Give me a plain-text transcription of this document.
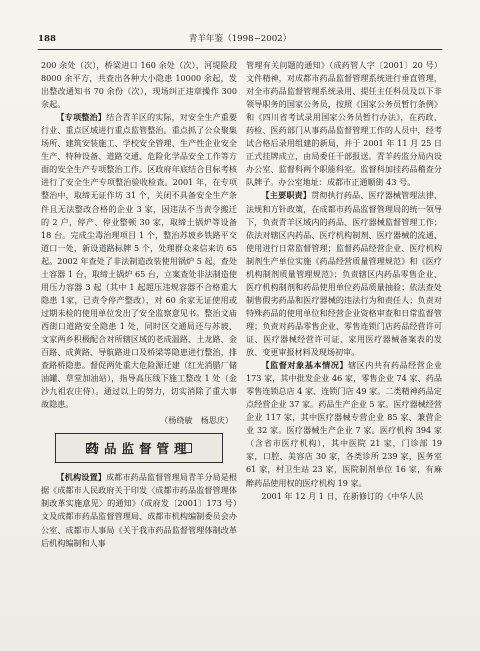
188	青羊年鉴（1998~2002）

200 余处（次），桥梁进口 160 余处（次），河堤险段 8000 余平方，共查出各种大小隐患 10000 余起，发出整改通知书 70 余份（次），现场纠正违章操作 300 余起。

【专项整治】结合青羊区的实际，对安全生产重要行业、重点区域进行重点监管整治。重点抓了公众聚集场所、建筑安装施工、学校安全管理、生产性企业安全生产、特种设备、道路交通、危险化学品安全工作等方面的安全生产专项整治工作。区政府年底结合目标考核进行了安全生产专项整治验收检查。2001 年，在专项整治中，取缔无证作坊 31 个，关闭不具备安全生产条件且无法整改合格的企业 3 家，因违法不当责令搬迁的 2 户，停产、停业整顿 30 家，取缔土锅炉等设备 18 台。完成尘毒治理项目 1 个，整治苏坡乡铁路平交道口一处，新设道路标牌 5 个，处理群众来信来访 65 起。2002 年查处了非法制造改装使用锅炉 5 起，查处土容器 1 台，取缔土锅炉 65 台，立案查处非法制造使用压力容器 3 起（其中 1 起超压违规容器不合格重大隐患 1家，已责令停产整改），对 60 余家无证使用或过期未检的使用单位发出了安全监察意见书。整治文庙西街口道路安全隐患 1 处，同时区交通局还与苏坡、文家两乡积极配合对所辖区域的老成温路、土龙路、金百路、成黄路、导航路进口及桥梁等隐患进行整治，排查路桥隐患。督促两处重大危险源迁建（红光消腊厂储油罐、草堂加油站），指导高压线下施工整改 1 处（金沙九祖农庄侍）。通过以上的努力，切实消除了重大事故隐患。

（杨绕敏　杨思庆）

药品监督管理

【机构设置】成都市药品监督管理局青羊分局是根据《成都市人民政府关于印发〈成都市药品监督管理体制改革实施意见〉的通知》（成府发〔2001〕173 号）文及成都市药品监督管理局、成都市机构编制委员会办公室、成都市人事局《关于我市药品监督管理体制改革后机构编制和人事

管理有关问题的通知》（成药管人字〔2001〕20 号）文件精神，对成都市药品监督管理系统进行垂直管理，对全市药品监督管理系统录用、提任主任科员及以下非领导职务的国家公务员，按照《国家公务员暂行条例》和《四川省考试录用国家公务员暂行办法》，在药政、药检、医药部门从事药品监督管理工作的人员中，经考试合格后录用组建的新局，并于 2001 年 11 月 25 日正式挂牌成立，由局委任干部报送。青羊药监分局内设办公室、监督科两个职能科室。监督科加挂药品稽查分队牌子。办公室地址：成都市正通顺街 43 号。

【主要职责】贯彻执行药品、医疗器械管理法律、法规和方针政策，在成都市药品监督管理局的统一领导下，负责青羊区域内的药品、医疗器械监督管理工作；依法对辖区内药品、医疗机构制剂、医疗器械的流通、使用进行日常监督管理；监督药品经营企业、医疗机构制剂生产单位实施《药品经营质量管理规范》和《医疗机构制剂质量管理规范》；负责辖区内药品零售企业、医疗机构制剂和药品使用单位药品质量抽验；依法查处制售假劣药品和医疗器械的违法行为和责任人；负责对特殊药品的使用单位和经营企业资格审查和日常监督管理；负责对药品零售企业、零售连锁门店药品经营许可证、医疗器械经营许可证、家用医疗器械备案表的发放、变更审报材料及现场初审。

【监督对象基本情况】辖区内共有药品经营企业 173 家，其中批发企业 46 家，零售企业 74 家、药品零售连锁总店 4 家、连锁门店 49 家。二类精神药品定点经营企业 37 家。药品生产企业 5 家。医疗器械经营企业 117 家，其中医疗器械专营企业 85 家、兼营企业 32 家。医疗器械生产企业 7 家。医疗机构 394 家（含省市医疗机构），其中医院 21 家，门诊部 19 家，口腔、美容店 30 家，各类诊所 239 家，医务室 61 家，村卫生站 23 家，医院制剂单位 16 家，有麻醉药品使用权的医疗机构 19 家。

2001 年 12 月 1 日，在新修订的《中华人民
